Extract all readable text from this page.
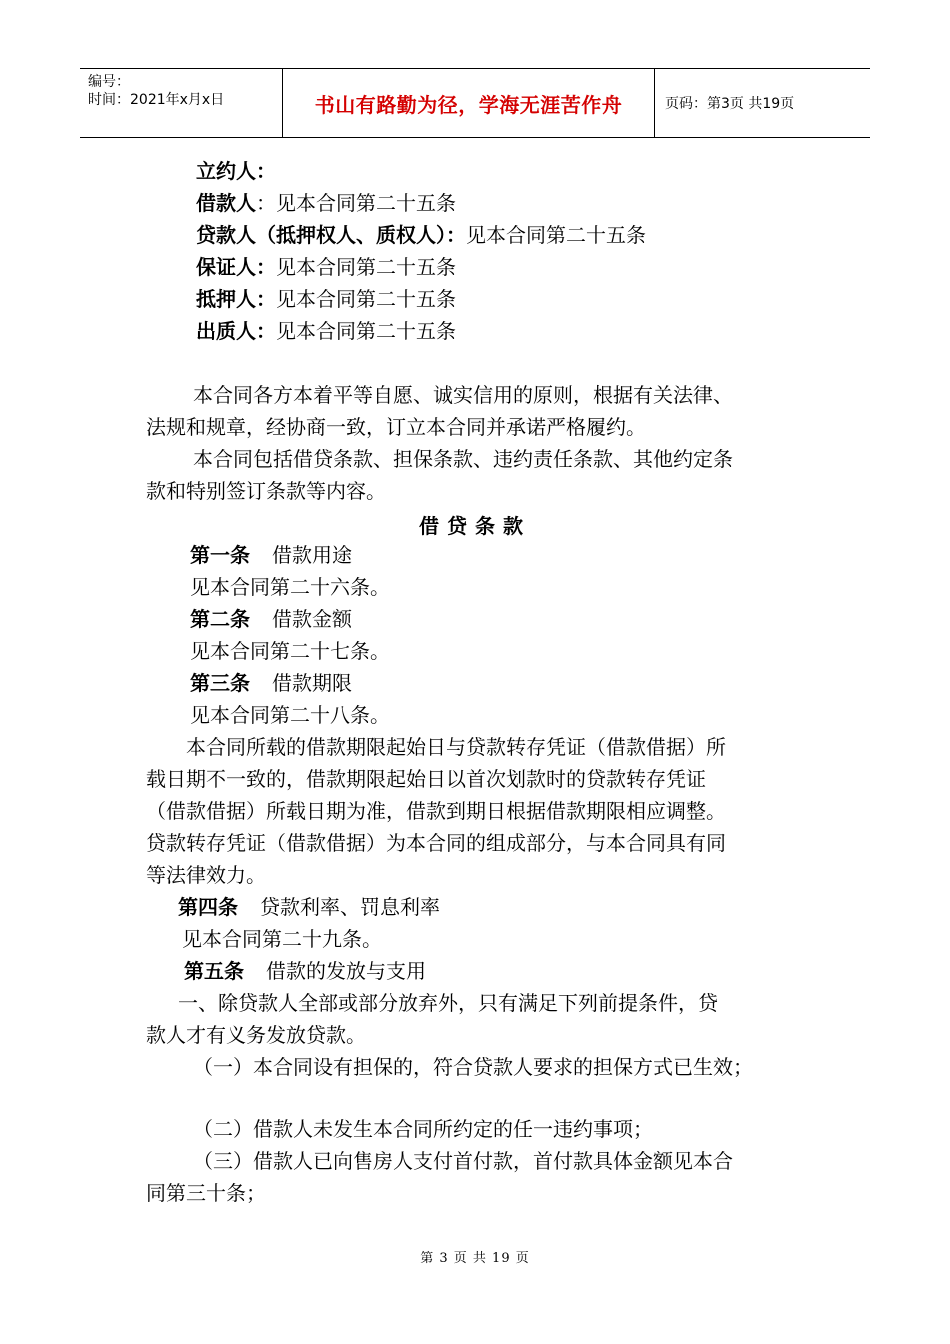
编号：
时间：2021年x月x日	书山有路勤为径，学海无涯苦作舟	页码：第3页 共19页
立约人：
借款人：见本合同第二十五条
贷款人（抵押权人、质权人）：见本合同第二十五条
保证人：见本合同第二十五条
抵押人：见本合同第二十五条
出质人：见本合同第二十五条
本合同各方本着平等自愿、诚实信用的原则，根据有关法律、
法规和规章，经协商一致，订立本合同并承诺严格履约。
本合同包括借贷条款、担保条款、违约责任条款、其他约定条
款和特别签订条款等内容。
借贷条款
第一条 借款用途
见本合同第二十六条。
第二条 借款金额
见本合同第二十七条。
第三条 借款期限
见本合同第二十八条。
本合同所载的借款期限起始日与贷款转存凭证（借款借据）所
载日期不一致的，借款期限起始日以首次划款时的贷款转存凭证
（借款借据）所载日期为准，借款到期日根据借款期限相应调整。
贷款转存凭证（借款借据）为本合同的组成部分，与本合同具有同
等法律效力。
第四条 贷款利率、罚息利率
见本合同第二十九条。
第五条 借款的发放与支用
一、除贷款人全部或部分放弃外，只有满足下列前提条件，贷
款人才有义务发放贷款。
（一）本合同设有担保的，符合贷款人要求的担保方式已生效；
（二）借款人未发生本合同所约定的任一违约事项；
（三）借款人已向售房人支付首付款，首付款具体金额见本合
同第三十条；
第 3 页 共 19 页
